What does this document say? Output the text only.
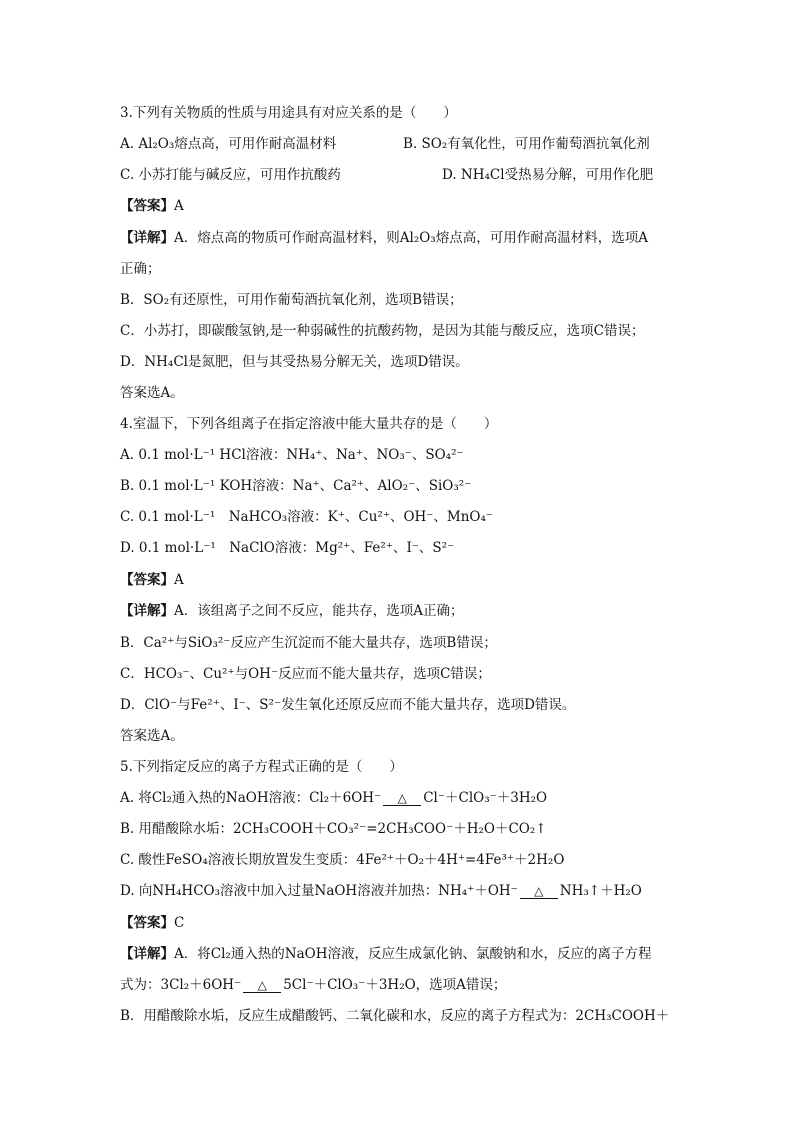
3.下列有关物质的性质与用途具有对应关系的是（　　）
A. Al₂O₃熔点高，可用作耐高温材料	B. SO₂有氧化性，可用作葡萄酒抗氧化剂
C. 小苏打能与碱反应，可用作抗酸药	D. NH₄Cl受热易分解，可用作化肥
【答案】A
【详解】A．熔点高的物质可作耐高温材料，则Al₂O₃熔点高，可用作耐高温材料，选项A
正确；
B．SO₂有还原性，可用作葡萄酒抗氧化剂，选项B错误；
C．小苏打，即碳酸氢钠,是一种弱碱性的抗酸药物，是因为其能与酸反应，选项C错误；
D．NH₄Cl是氮肥，但与其受热易分解无关，选项D错误。
答案选A。
4.室温下，下列各组离子在指定溶液中能大量共存的是（　　）
A. 0.1 mol·L⁻¹ HCl溶液：NH₄⁺、Na⁺、NO₃⁻、SO₄²⁻
B. 0.1 mol·L⁻¹ KOH溶液：Na⁺、Ca²⁺、AlO₂⁻、SiO₃²⁻
C. 0.1 mol·L⁻¹　NaHCO₃溶液：K⁺、Cu²⁺、OH⁻、MnO₄⁻
D. 0.1 mol·L⁻¹　NaClO溶液：Mg²⁺、Fe²⁺、I⁻、S²⁻
【答案】A
【详解】A．该组离子之间不反应，能共存，选项A正确；
B．Ca²⁺与SiO₃²⁻反应产生沉淀而不能大量共存，选项B错误；
C．HCO₃⁻、Cu²⁺与OH⁻反应而不能大量共存，选项C错误；
D．ClO⁻与Fe²⁺、I⁻、S²⁻发生氧化还原反应而不能大量共存，选项D错误。
答案选A。
5.下列指定反应的离子方程式正确的是（　　）
A. 将Cl₂通入热的NaOH溶液：Cl₂＋6OH⁻ △ Cl⁻＋ClO₃⁻＋3H₂O
B. 用醋酸除水垢：2CH₃COOH＋CO₃²⁻=2CH₃COO⁻＋H₂O＋CO₂↑
C. 酸性FeSO₄溶液长期放置发生变质：4Fe²⁺＋O₂＋4H⁺=4Fe³⁺＋2H₂O
D. 向NH₄HCO₃溶液中加入过量NaOH溶液并加热：NH₄⁺＋OH⁻ △ NH₃↑＋H₂O
【答案】C
【详解】A．将Cl₂通入热的NaOH溶液，反应生成氯化钠、氯酸钠和水，反应的离子方程
式为：3Cl₂＋6OH⁻ △ 5Cl⁻＋ClO₃⁻＋3H₂O，选项A错误；
B．用醋酸除水垢，反应生成醋酸钙、二氧化碳和水，反应的离子方程式为：2CH₃COOH＋
